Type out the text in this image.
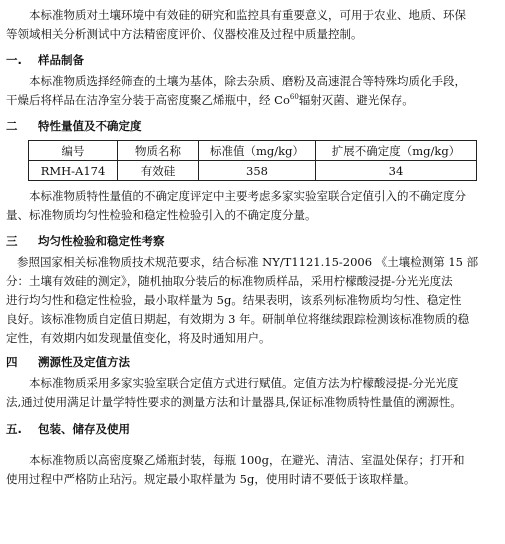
本标准物质对土壤环境中有效硅的研究和监控具有重要意义，可用于农业、地质、环保

等领域相关分析测试中方法精密度评价、仪器校准及过程中质量控制。

一.	样品制备

本标准物质选择经筛查的土壤为基体，除去杂质、磨粉及高速混合等特殊均质化手段，

干燥后将样品在洁净室分装于高密度聚乙烯瓶中，经 Co$^{60}$辐射灭菌、避光保存。

二	特性量值及不确定度
编号	物质名称	标准值（mg/kg）	扩展不确定度（mg/kg）
RMH-A174	有效硅	358	34

本标准物质特性量值的不确定度评定中主要考虑多家实验室联合定值引入的不确定度分

量、标准物质均匀性检验和稳定性检验引入的不确定度分量。

三	均匀性检验和稳定性考察

参照国家相关标准物质技术规范要求，结合标准 NY/T1121.15-2006 《土壤检测第 15 部

分：土壤有效硅的测定》，随机抽取分装后的标准物质样品，采用柠檬酸浸提-分光光度法

进行均匀性和稳定性检验，最小取样量为 5g。结果表明，该系列标准物质均匀性、稳定性

良好。该标准物质自定值日期起，有效期为 3 年。研制单位将继续跟踪检测该标准物质的稳

定性，有效期内如发现量值变化，将及时通知用户。

四	溯源性及定值方法

本标准物质采用多家实验室联合定值方式进行赋值。定值方法为柠檬酸浸提-分光光度

法,通过使用满足计量学特性要求的测量方法和计量器具,保证标准物质特性量值的溯源性。

五.	包装、储存及使用

本标准物质以高密度聚乙烯瓶封装，每瓶 100g，在避光、清洁、室温处保存；打开和

使用过程中严格防止玷污。规定最小取样量为 5g，使用时请不要低于该取样量。
